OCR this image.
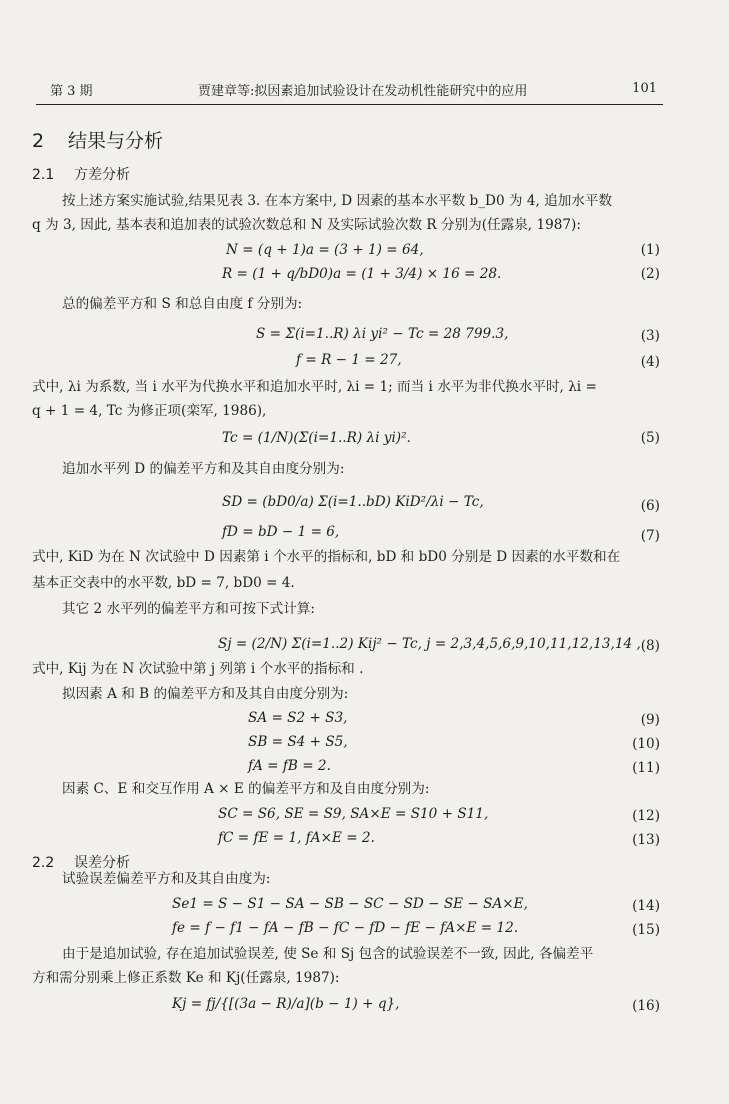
第 3 期	贾建章等:拟因素追加试验设计在发动机性能研究中的应用	101
2 结果与分析
2.1 方差分析
按上述方案实施试验,结果见表 3. 在本方案中, D 因素的基本水平数 b_D0 为 4, 追加水平数
q 为 3, 因此, 基本表和追加表的试验次数总和 N 及实际试验次数 R 分别为(任露泉, 1987):
N = (q + 1)a = (3 + 1) = 64,	(1)
R = (1 + q/bD0)a = (1 + 3/4) × 16 = 28.	(2)
总的偏差平方和 S 和总自由度 f 分别为:
S = Σ(i=1..R) λi yi² − Tc = 28 799.3,	(3)
f = R − 1 = 27,	(4)
式中, λi 为系数, 当 i 水平为代换水平和追加水平时, λi = 1; 而当 i 水平为非代换水平时, λi =
q + 1 = 4, Tc 为修正项(栾军, 1986),
Tc = (1/N)(Σ(i=1..R) λi yi)².	(5)
追加水平列 D 的偏差平方和及其自由度分别为:
SD = (bD0/a) Σ(i=1..bD) KiD²/λi − Tc,	(6)
fD = bD − 1 = 6,	(7)
式中, KiD 为在 N 次试验中 D 因素第 i 个水平的指标和, bD 和 bD0 分别是 D 因素的水平数和在
基本正交表中的水平数, bD = 7, bD0 = 4.
其它 2 水平列的偏差平方和可按下式计算:
Sj = (2/N) Σ(i=1..2) Kij² − Tc, j = 2,3,4,5,6,9,10,11,12,13,14 , (8)
式中, Kij 为在 N 次试验中第 j 列第 i 个水平的指标和 .
拟因素 A 和 B 的偏差平方和及其自由度分别为:
SA = S2 + S3,	(9)
SB = S4 + S5,	(10)
fA = fB = 2.	(11)
因素 C、E 和交互作用 A × E 的偏差平方和及自由度分别为:
SC = S6, SE = S9, SA×E = S10 + S11,	(12)
fC = fE = 1, fA×E = 2.	(13)
2.2 误差分析
试验误差偏差平方和及其自由度为:
Se1 = S − S1 − SA − SB − SC − SD − SE − SA×E,	(14)
fe = f − f1 − fA − fB − fC − fD − fE − fA×E = 12.	(15)
由于是追加试验, 存在追加试验误差, 使 Se 和 Sj 包含的试验误差不一致, 因此, 各偏差平
方和需分别乘上修正系数 Ke 和 Kj(任露泉, 1987):
Kj = fj/{[(3a − R)/a](b − 1) + q},	(16)
